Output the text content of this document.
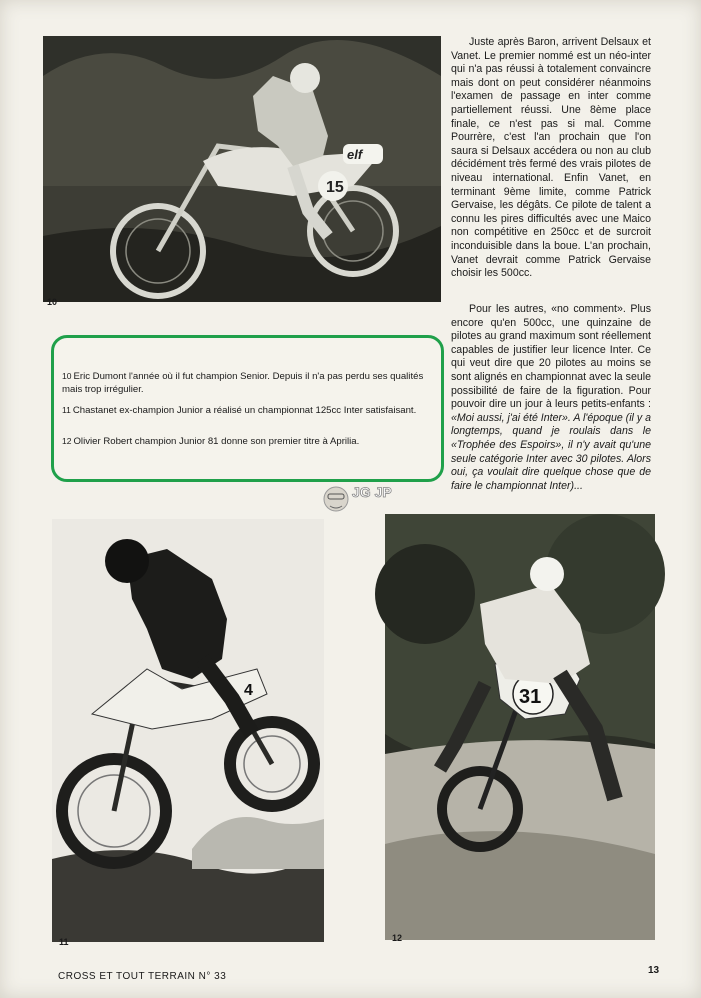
15
elf
10

Juste après Baron, arrivent Delsaux et Vanet. Le premier nommé est un néo-inter qui n'a pas réussi à totalement convaincre mais dont on peut considérer néanmoins l'examen de passage en inter comme partiellement réussi. Une 8ème place finale, ce n'est pas si mal. Comme Pourrère, c'est l'an prochain que l'on saura si Delsaux accédera ou non au club décidément très fermé des vrais pilotes de niveau international. Enfin Vanet, en terminant 9ème limite, comme Patrick Gervaise, les dégâts. Ce pilote de talent a connu les pires difficultés avec une Maico non compétitive en 250cc et de surcroit inconduisible dans la boue. L'an prochain, Vanet devrait comme Patrick Gervaise choisir les 500cc.

Pour les autres, «no comment». Plus encore qu'en 500cc, une quinzaine de pilotes au grand maximum sont réellement capables de justifier leur licence Inter. Ce qui veut dire que 20 pilotes au moins se sont alignés en championnat avec la seule possibilité de faire de la figuration. Pour pouvoir dire un jour à leurs petits-enfants : «Moi aussi, j'ai été Inter». A l'époque (il y a longtemps, quand je roulais dans le «Trophée des Espoirs», il n'y avait qu'une seule catégorie Inter avec 30 pilotes. Alors oui, ça voulait dire quelque chose que de faire le championnat Inter)...

10 Eric Dumont l'année où il fut champion Senior. Depuis il n'a pas perdu ses qualités mais trop irrégulier.
11 Chastanet ex-champion Junior a réalisé un championnat 125cc Inter satisfaisant.
12 Olivier Robert champion Junior 81 donne son premier titre à Aprilia.
JG JP
4
11
31
12
CROSS ET TOUT TERRAIN N° 33
13
